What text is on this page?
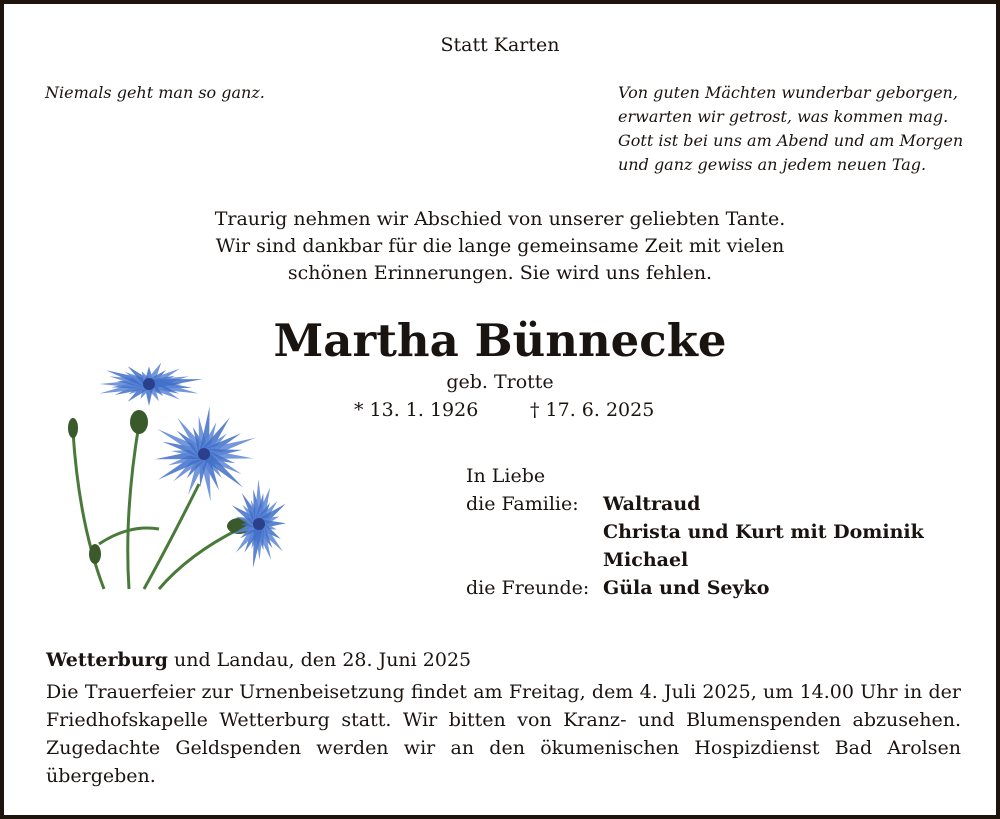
Statt Karten
Niemals geht man so ganz.	Von guten Mächten wunderbar geborgen,
erwarten wir getrost, was kommen mag.
Gott ist bei uns am Abend und am Morgen
und ganz gewiss an jedem neuen Tag.
Traurig nehmen wir Abschied von unserer geliebten Tante.
Wir sind dankbar für die lange gemeinsame Zeit mit vielen
schönen Erinnerungen. Sie wird uns fehlen.
Martha Bünnecke
geb. Trotte
* 13. 1. 1926	† 17. 6. 2025
In Liebe
die Familie: Waltraud
Christa und Kurt mit Dominik
Michael
die Freunde: Güla und Seyko
Wetterburg und Landau, den 28. Juni 2025
Die Trauerfeier zur Urnenbeisetzung findet am Freitag, dem 4. Juli 2025, um 14.00 Uhr in der Friedhofskapelle Wetterburg statt. Wir bitten von Kranz- und Blumenspenden abzusehen. Zugedachte Geldspenden werden wir an den ökumenischen Hospizdienst Bad Arolsen übergeben.
